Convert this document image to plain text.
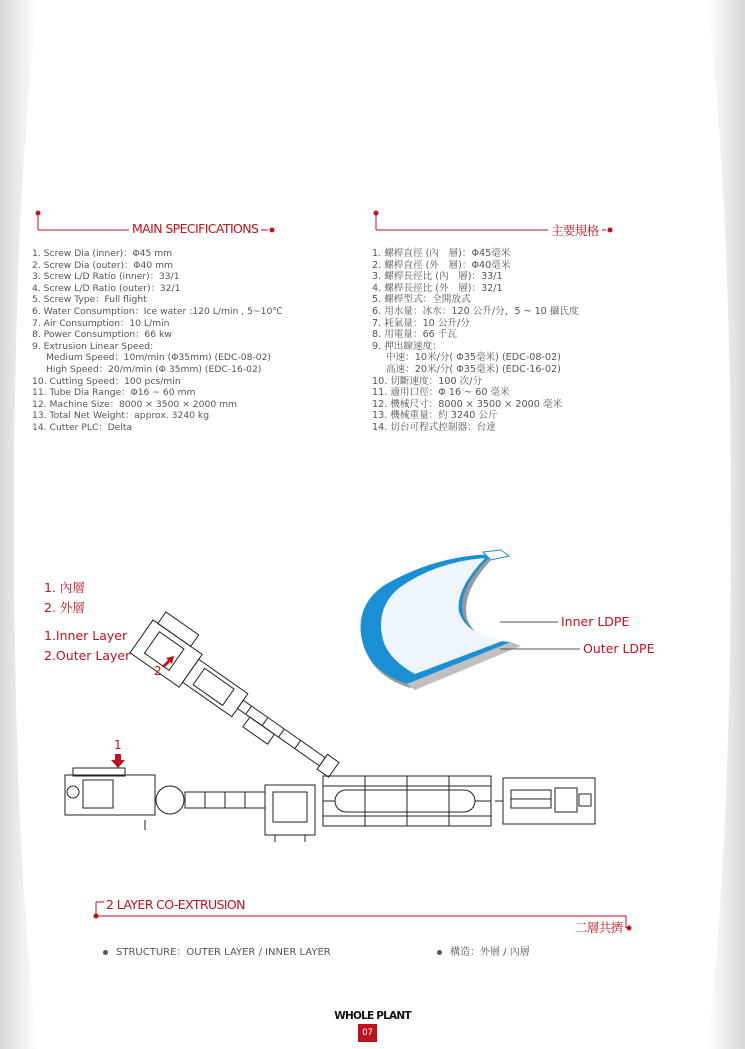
MAIN SPECIFICATIONS	主要規格
1. Screw Dia (inner)：Φ45 mm
2. Screw Dia (outer)：Φ40 mm
3. Screw L/D Ratio (inner)：33/1
4. Screw L/D Ratio (outer)：32/1
5. Screw Type：Full flight
6. Water Consumption：Ice water :120 L/min , 5~10℃
7. Air Consumption：10 L/min
8. Power Consumption：66 kw
9. Extrusion Linear Speed:
Medium Speed：10m/min (Φ35mm) (EDC-08-02)
High Speed：20/m/min (Φ 35mm) (EDC-16-02)
10. Cutting Speed：100 pcs/min
11. Tube Dia Range：Φ16 ~ 60 mm
12. Machine Size：8000 × 3500 × 2000 mm
13. Total Net Weight：approx. 3240 kg
14. Cutter PLC：Delta
1. 螺桿直徑 (內　層)：Φ45毫米
2. 螺桿直徑 (外　層)：Φ40毫米
3. 螺桿長徑比 (內　層)：33/1
4. 螺桿長徑比 (外　層)：32/1
5. 螺桿型式：全開放式
6. 用水量：冰水：120 公升/分，5 ~ 10 攝氏度
7. 耗氣量：10 公升/分
8. 用電量：66 千瓦
9. 押出線速度：
中速：10米/分( Φ35毫米) (EDC-08-02)
高速：20米/分( Φ35毫米) (EDC-16-02)
10. 切斷速度：100 次/分
11. 適用口徑：Φ 16 ~ 60 毫米
12. 機械尺寸：8000 × 3500 × 2000 毫米
13. 機械重量：約 3240 公斤
14. 切台可程式控制器：台達
1. 內層
2. 外層
1.Inner Layer
2.Outer Layer
Inner LDPE
Outer LDPE
2
1
2 LAYER CO-EXTRUSION
二層共擠
STRUCTURE：OUTER LAYER / INNER LAYER	構造：外層 / 內層
WHOLE PLANT
07
